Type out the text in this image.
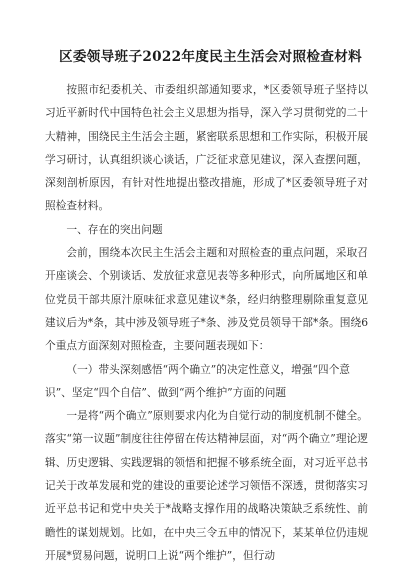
区委领导班子2022年度民主生活会对照检查材料

按照市纪委机关、市委组织部通知要求，*区委领导班子坚持以习近平新时代中国特色社会主义思想为指导，深入学习贯彻党的二十大精神，围绕民主生活会主题，紧密联系思想和工作实际，积极开展学习研讨，认真组织谈心谈话，广泛征求意见建议，深入查摆问题，深刻剖析原因，有针对性地提出整改措施，形成了*区委领导班子对照检查材料。

一、存在的突出问题

会前，围绕本次民主生活会主题和对照检查的重点问题，采取召开座谈会、个别谈话、发放征求意见表等多种形式，向所属地区和单位党员干部共原汁原味征求意见建议*条，经归纳整理剔除重复意见建议后为*条，其中涉及领导班子*条、涉及党员领导干部*条。围绕6个重点方面深刻对照检查，主要问题表现如下：

（一）带头深刻感悟“两个确立”的决定性意义，增强“四个意识”、坚定“四个自信”、做到“两个维护”方面的问题

一是将“两个确立”原则要求内化为自觉行动的制度机制不健全。落实“第一议题”制度往往停留在传达精神层面，对“两个确立”理论逻辑、历史逻辑、实践逻辑的领悟和把握不够系统全面，对习近平总书记关于改革发展和党的建设的重要论述学习领悟不深透，贯彻落实习近平总书记和党中央关于*战略支撑作用的战略决策缺乏系统性、前瞻性的谋划规划。比如，在中央三令五申的情况下，某某单位仍违规开展*贸易问题，说明口上说“两个维护”，但行动
